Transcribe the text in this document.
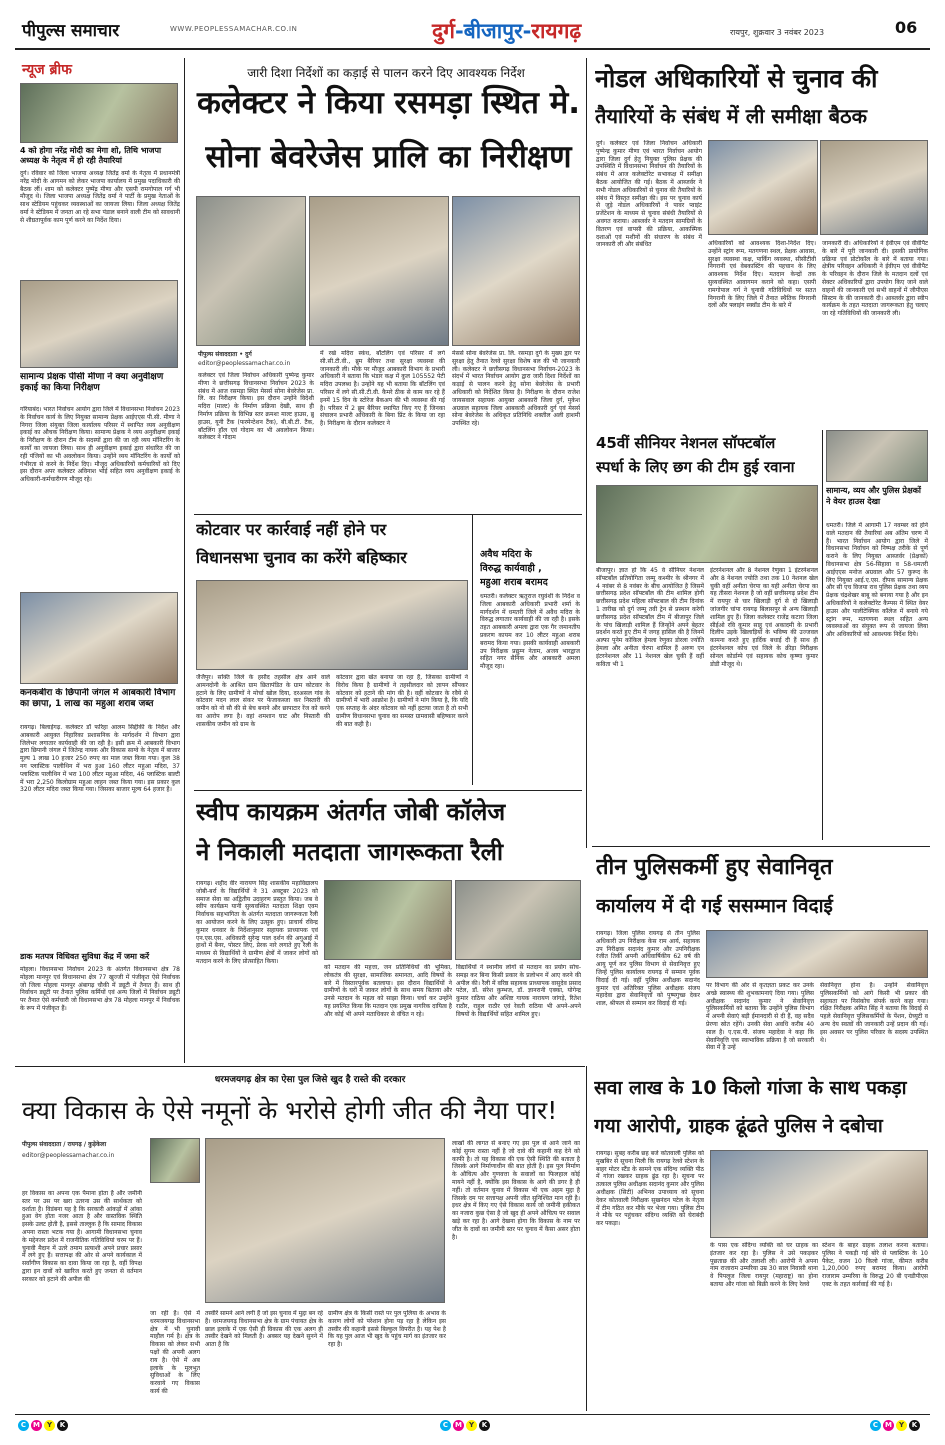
पीपुल्स समाचार	WWW.PEOPLESSAMACHAR.CO.IN	दुर्ग-बीजापुर-रायगढ़	रायपुर, शुक्रवार 3 नवंबर 2023	06
न्यूज ब्रीफ
4 को होगा नरेंद्र मोदी का मेगा शो, तिथि भाजपा अध्यक्ष के नेतृत्व में हो रही तैयारियां
दुर्ग। रविवार को जिला भाजपा अध्यक्ष जितेंद्र वर्मा के नेतृत्व में प्रधानमंत्री नरेंद्र मोदी के आगमन को लेकर भाजपा कार्यालय में प्रमुख पदाधिकारी की बैठक लीं। शाम को कलेक्टर पुष्पेंद्र मीणा और एसपी रामगोपाल गर्ग भी मौजूद थे। जिला भाजपा अध्यक्ष जितेंद्र वर्मा ने पार्टी के प्रमुख नेताओं के साथ स्टेडियम पहुंचकर व्यवस्थाओं का जायजा लिया। जिला अध्यक्ष जितेंद्र वर्मा ने स्टेडियम में जनता आ रहे सभा पंडाल बनाने वाली टीम को सावधानी से शीघ्रतापूर्वक काम पूर्ण करने का निर्देश दिया।
सामान्य प्रेक्षक पीसी मीणा ने क्या अनुवीक्षण इकाई का किया निरीक्षण
गरियाबंद। भारत निर्वाचन आयोग द्वारा जिले में विधानसभा निर्वाचन 2023 के निर्वाचन कार्य के लिए नियुक्त सामान्य प्रेक्षक आईएएस पी.सी. मीणा ने निगरा जिला संयुक्त जिला कार्यालय परिसर में स्थापित व्यय अनुवीक्षण इकाई का औचक निरीक्षण किया। सामान्य प्रेक्षक ने व्यय अनुवीक्षण इकाई के निरीक्षण के दौरान टीम के सदस्यों द्वारा की जा रही व्यय मॉनिटरिंग के कार्यों का जायजा लिया। साथ ही अनुवीक्षण इकाई द्वारा संधारित की जा रही पंजियों का भी अवलोकन किया। उन्होंने व्यय मॉनिटरिंग के कार्यों को गंभीरता से करने के निर्देश दिए। मौजूद अधिकारियों कर्मचारियों को दिए इस दौरान अपर कलेक्टर अविनाश भोई सहित व्यय अनुवीक्षण इकाई के अधिकारी-कर्मचारीगण मौजूद रहे।
कनकबीरा के छिपानी जंगल में आबकारी विभाग का छापा, 1 लाख का महुआ शराब जब्त
रायगढ़। बिलाईगढ़. कलेक्टर डॉ फरिहा आलम सिद्दीकी के निर्देश और आबकारी आयुक्त निहारिका प्रशासनिक के मार्गदर्शन में विभाग द्वारा जिलेभर लगातार कार्यवाही की जा रही है। इसी क्रम में आबकारी विभाग द्वारा छिपानी जंगल में जितेन्द्र नायक और विकास साग्वे के नेतृत्व में बाजार मूल्य 1 लाख 10 हजार 250 रुपए का माल जब्त किया गया। कुल 38 नग प्लास्टिक पालीथिन में भरा हुआ 160 लीटर महुआ मदिरा, 37 प्लास्टिक पालीथिन में भरा 100 लीटर महुआ मदिरा, 46 प्लास्टिक बाल्टी में भरा 2,250 किलोग्राम महुआ लाहन जब्त किया गया। इस प्रकार कुल 320 लीटर मदिरा जब्त किया गया। जिसका बाजार मूल्य 64 हजार है।
डाक मतपत्र विधिवत सुविधा केंद्र में जमा करें
मोहला। विधानसभा निर्वाचन 2023 के अंतर्गत विधानसभा क्षेत्र 78 मोहला मानपुर एवं विधानसभा क्षेत्र 77 खुज्जी में पंजीकृत ऐसे निर्वाचक जो जिला मोहला मानपुर अंबागढ़ चौकी में ड्यूटी में तैनात हैं। साथ ही निर्वाचन ड्यूटी पर तैनात पुलिस कर्मियों एवं अन्य जिलों में निर्वाचन ड्यूटी पर तैनात ऐसे कर्मचारी जो विधानसभा क्षेत्र 78 मोहला मानपुर में निर्वाचक के रूप में पंजीकृत हैं।
जारी दिशा निर्देशों का कड़ाई से पालन करने दिए आवश्यक निर्देश
कलेक्टर ने किया रसमड़ा स्थित मे.
सोना बेवरेजेस प्रालि का निरीक्षण
पीपुल्स संवाददाता • दुर्ग
editor@peoplessamachar.co.in
कलेक्टर एवं जिला निर्वाचन अधिकारी पुष्पेन्द्र कुमार मीणा ने छत्तीसगढ़ विधानसभा निर्वाचन 2023 के संबंध में आज रसमड़ा स्थित मेसर्स सोना बेवरेजेस प्रा. लि. का निरीक्षण किया। इस दौरान उन्होंने विदेशी मदिरा (माल्ट) के निर्माण प्रक्रिया देखी, साथ ही निर्माण प्रक्रिया के विभिन्न स्तर क्रमशः माल्ट हाउस, ब्रु हाउस, यूनी टैंक (फरमेन्टेशन टैंक), बी.बी.टी. टैंक, बॉटलिंग हॉल एवं गोदाम का भी अवलोकन किया। कलेक्टर ने गोदाम
में रखे मदिरा स्कंध, बॉटलिंग एवं परिसर में लगे सी.सी.टी.वी., ब्रुम बैरियर तथा सुरक्षा व्यवस्था की जानकारी ली। मौके पर मौजूद आबकारी विभाग के प्रभारी अधिकारी ने बताया कि भंडार कक्ष में कुल 105552 पेटी मदिरा उपलब्ध है। उन्होंने यह भी बताया कि बॉटलिंग एवं परिसर में लगे सी.सी.टी.वी. कैमरे ठीक से काम कर रहे हैं इनमें 15 दिन के स्टोरेज बैकअप की भी व्यवस्था की गई है। परिसर में 2 ब्रुम बैरियर स्थापित किए गए हैं जिनका संचालन प्रभारी अधिकारी के बिना प्रिंट के किया जा रहा है। निरीक्षण के दौरान कलेक्टर ने
मेसर्स सोना बेवरेजेस प्रा. लि. रसमड़ा दुर्ग के मुख्य द्वार पर सुरक्षा हेतु तैनात रेलवे सुरक्षा विशेष बल की भी जानकारी ली। कलेक्टर ने छत्तीसगढ़ विधानसभा निर्वाचन-2023 के संदर्भ में भारत निर्वाचन आयोग द्वारा जारी दिशा निर्देशों का कड़ाई से पालन करने हेतु सोना बेवरेजेस के प्रभारी अधिकारी को निर्देशित किया है। निरीक्षण के दौरान राजेश जायसवाल सहायक आयुक्त आबकारी जिला दुर्ग, मुकेश अग्रवाल सहायक जिला आबकारी अधिकारी दुर्ग एवं मेसर्स सोना बेवरेजेस के अधिकृत प्रतिनिधि शक्तील अली हाशमी उपस्थित रहे।
नोडल अधिकारियों से चुनाव की
तैयारियों के संबंध में ली समीक्षा बैठक
दुर्ग। कलेक्टर एवं जिला निर्वाचन अधिकारी पुष्पेन्द्र कुमार मीणा एवं भारत निर्वाचन आयोग द्वारा जिला दुर्ग हेतु नियुक्त पुलिस प्रेक्षक की उपस्थिति में विधानसभा निर्वाचन की तैयारियों के संबंध में आज कलेक्टोरेट सभाकक्ष में समीक्षा बैठक आयोजित की गई। बैठक में आब्जर्वर ने सभी नोडल अधिकारियों से चुनाव की तैयारियों के संबंध में विस्तृत समीक्षा की। इस पर चुनाव कार्य से जुड़े नोडल अधिकारियों ने पावर प्वाइंट प्रजेंटेशन के माध्यम से चुनाव संबंधी तैयारियों से अवगत कराया। आब्जर्वर ने मतदान सामग्रियों के वितरण एवं वापसी की प्रक्रिया, आकस्मिक दशाओं एवं मशीनों की संधारण के संबंध में जानकारी ली और संबंधित	अधिकारियों को आवश्यक दिशा-निर्देश दिए। उन्होंने स्ट्रांग रूम, मतगणना स्थल, प्रेक्षक आवास, सुरक्षा व्यवस्था कक्ष, पार्किंग व्यवस्था, सीसीटीवी निगरानी एवं वेबकास्टिंग की पहचान के लिए आवश्यक निर्देश दिए। मतदान केन्द्रों तक सुव्यवस्थित आवागमन कराने को कहा। एसपी रामगोपाल गर्ग ने चुनावी गतिविधियों पर सतत निगरानी के लिए जिले में तैनात स्थैतिक निगरानी दलों और फ्लाइंग स्क्वॉड टीम के बारे में
जानकारी दी। अधिकारियों ने ईवीएम एवं वीवीपैट के बारे में पूरी जानकारी दी। इसकी प्रायोगिक प्रक्रिया एवं प्रोटोकॉल के बारे में बताया गया। क्षेत्रीय परिवहन अधिकारी ने ईवीएम एवं वीवीपैट के परिवहन के दौरान जिले के मतदान दलों एवं सेक्टर अधिकारियों द्वारा उपयोग किए जाने वाले वाहनों की जानकारी एवं सभी वाहनों में जीपीएस सिस्टम के की जानकारी दी। आब्जर्वर द्वारा स्वीप कार्यक्रम के तहत मतदाता जागरूकता हेतु चलाए जा रहे गतिविधियों की जानकारी ली।
45वीं सीनियर नेशनल सॉफ्टबॉल
स्पर्धा के लिए छग की टीम हुई रवाना
बीजापुर। ज्ञात हो कि 45 वे सीनियर नेशनल सॉफ्टबॉल प्रतियोगिता जम्मू कश्मीर के श्रीनगर में 4 नवंबर से 8 नवंबर के बीच आयोजित है जिसमें छत्तीसगढ़ प्रदेश सॉफ्टबॉल की टीम शामिल होगी छत्तीसगढ़ प्रदेश महिला सॉफ्टबाल की टीम दिनांक 1 तारीख को दुर्ग जम्मू तवी ट्रेन से प्रस्थान करेगी छत्तीसगढ़ प्रदेश सॉफ्टबॉल टीम में बीजापुर जिले के पांच खिलाड़ी शामिल हैं जिन्होंने अपने बेहतर प्रदर्शन करते हुए टीम में जगह हासिल की है जिनमें अल्फा पुनेम कोकिल हेमला रेणुका डोरला ज्योति हेमला और अनीता चेरपा शामिल हैं अरुण एन इंटरनेशनल और 11 नेशनल खेल चुकी हैं वहीं कविता भी 1
इंटरनेशनल और 8 नेशनल रेणुका 1 इंटरनेशनल और 8 नेशनल ज्योति तथा तक 10 नेशनल खेल चुकी वहीं अनीता चेरपा का यही अनीता चेरपा का यह तीसरा नेशनल है जो वहीं छत्तीसगढ़ प्रदेश टीम में रायपुर से चार खिलाड़ी दुर्ग से दो खिलाड़ी जांजगीर चांपा रायगढ़ बिलासपुर से अन्य खिलाड़ी शामिल हुए हैं। जिला कलेक्टर राजेंद्र कटारा जिला सीईओ रवि कुमार साहू एवं अकादमी के प्रभारी दिलीप उइके खिलाड़ियों के भविष्य की उज्जवल कामना करते हुए हार्दिक बधाई दी हैं साथ ही इंटरनेशनल कोच एवं जिले के क्रीड़ा निरीक्षक सोनल कोर्डाम्पे एवं सहायक कोच कृष्णा कुमार डोडी मौजूद थे।
सामान्य, व्यय और पुलिस प्रेक्षकों ने वेयर हाउस देखा
धमतरी। जिले में आगामी 17 नवम्बर को होने वाले मतदान की तैयारियां अब अंतिम चरण में हैं। भारत निर्वाचन आयोग द्वारा जिले में विधानसभा निर्वाचन को निष्पक्ष तरीके से पूर्ण कराने के लिए नियुक्त आब्जर्वर (प्रेक्षकों) विधानसभा क्षेत्र 56-सिहावा व 58-धमतरी आईएएस मनोज अग्रवाल और 57 कुरूद के लिए नियुक्त आई.ए.एस. दीपक सामान्य प्रेक्षक और सी एच विजया राव पुलिस प्रेक्षक तथा व्यय प्रेक्षक चंद्रशेखर बाबू को बनाया गया है और इन अधिकारियों ने कलेक्टोरेट कैम्पस में स्थित वेयर हाउस और पालीटेक्निक कॉलेज में बनाये गये स्ट्रांग रूम, मतगणना स्थल सहित अन्य व्यवस्थाओं का संयुक्त रूप से जायजा लिया और अधिकारियों को आवश्यक निर्देश दिये।
कोटवार पर कार्रवाई नहीं होने पर
विधानसभा चुनाव का करेंगे बहिष्कार
जैजैपुर। सक्ति जिले के हसौद तहसील क्षेत्र आने वाले आमनदोनी के आश्रित ग्राम छितापंडित के ग्राम कोटवार के हटाने के लिए ग्रामीणों ने मोर्चा खोल दिया, दरअसल गांव के कोटवार मदन लाल संकर पर फेंजाकब्जा कर निस्तारी की जमीन को नो सौ की से बेच बनाने और छापाटार रेंज को करने का आरोप लगा है। वहां शमशान घाट और निस्तारी की शासकीय जमीन को ग्राम के
कोटवार द्वारा खेत बनाया जा रहा है, जिसका ग्रामीणों ने विरोध किया है ग्रामीणों ने तहसीलदार को ज्ञापन सौंपकर कोटवार को हटाने की मांग की है। वहीं कोटवार के रवैये से ग्रामीणों में भारी आक्रोश है। ग्रामीणों ने मांग किया है, कि यदि एक सप्ताह के अंदर कोटवार को नहीं हटाया जाता है तो सभी ग्रामीण विधानसभा चुनाव का समस्त ग्रामवासी बहिष्कार करने की बात कही है।
अवैध मदिरा के
विरुद्ध कार्यवाही ,
महुआ शराब बरामद
धमतरी। कलेक्टर ऋतुराज रघुवंशी के निर्देश व जिला आबकारी अधिकारी प्रभारी शर्मा के मार्गदर्शन में धमतरी जिले में अवैध मदिरा के विरुद्ध लगातार कार्यवाही की जा रही है। इसके तहत आबकारी अमला द्वारा एक गैर जमानतीय प्रकरण कायम कर 10 लीटर महुआ शराब बरामद किया गया। इसकी कार्यवाही आबकारी उप निरीक्षक प्रद्युम्न नेताम, अजय भारद्वाज सहित नगर सैनिक और आबकारी अमला मौजूद रहा।
स्वीप कायक्रम अंतर्गत जोबी कॉलेज
ने निकाली मतदाता जागरूकता रैली
रायगढ़। शहीद वीर नारायण सिंह शासकीय महाविद्यालय जोबी-बर्रा के विद्यार्थियों ने 31 अक्टूबर 2023 को समाज सेवा का अद्वितीय उदाहरण प्रस्तुत किया। जब वे स्वीप कार्यक्रम यानी सुव्यवस्थित मतदाता शिक्षा एवम निर्वाचक सहभागिता के अंतर्गत मतदाता जागरूकता रैली का आयोजन करने के लिए उत्सुक हुए। प्राचार्य रविन्द्र कुमार धनवार के निर्देशानुसार सहायक प्राध्यापक एवं एन.एस.एस. अधिकारी सुरेन्द्र पाल दर्शन की अगुआई में हाथों में बैनर, पोस्टर लिए, प्रेरक नारे लगाते हुए रैली के माध्यम से विद्यार्थियों ने ग्रामीण क्षेत्रों में जाकर लोगों को मतदान करने के लिए प्रोत्साहित किया।
को मतदान की महत्ता, जन प्रतिनिधियों की भूमिका, लोकतंत्र की सुरक्षा, सामाजिक समानता, आदि विषयों के बारे में विस्तारपूर्वक बतलाया। इस दौरान विद्यार्थियों ने ग्रामीणों के घरों में जाकर लोगों के साथ समय बिताया और उनसे मतदान के महत्व को साझा किया। चर्चा कर उन्होंने यह प्रयत्नित किया कि मतदान एक प्रमुख नागरिक दायित्व है और कोई भी अपने मताधिकार से वंचित न रहे।
विद्यार्थियों ने स्थानीय लोगों से मतदान का प्रयोग सोच-समझ कर बिना किसी प्रकार के प्रलोभन में आए करने की अपील की। रैली में वरिष्ठ सहायक प्राध्यापक वासुदेव प्रसाद पटेल, डॉ. संरेश कुम्भज, डॉ. ज्ञानरानी एक्का, योगेन्द्र कुमार राठिया और अशिष्ट गायक नारायण जांगड़े, रितेश राठौर, राहुल राठौर एवं रेवती राठिया भी अपने-अपने विषयों के विद्यार्थियों सहित शामिल हुए।
तीन पुलिसकर्मी हुए सेवानिवृत
कार्यालय में दी गई ससम्मान विदाई
रायगढ़। जिला पुलिस रायगढ़ से तीन पुलिस अधिकारी उप निरीक्षक केस राम आर्य, सहायक उप निरीक्षक सदानंद कुमार और उपनिरीक्षक रंजीत तिर्की अपनी अधिवार्षिकीय 62 वर्ष की आयु पूर्ण कर पुलिस विभाग से सेवानिवृत्त हुए जिन्हें पुलिस कार्यालय रायगढ़ में सम्मान पूर्वक विदाई दी गई। वहीं पुलिस अधीक्षक सदानंद कुमार एवं अतिरिक्त पुलिस अधीक्षक संजय महादेवा द्वारा सेवानिवृत्तों को पुष्पगुच्छ देकर शाल, श्रीफल से सम्मान कर विदाई दी गई।
पर विभाग की ओर से कृतज्ञता प्रकट कर उनके अच्छे स्वास्थ्य की शुभकामनाएं दिया गया। पुलिस अधीक्षक सदानंद कुमार ने सेवानिवृत्त पुलिसकर्मियों को बताया कि उन्होंने पुलिस विभाग में अपनी सेवाएं बड़ी ईमानदारी से दी हैं, वह सदैव प्रेरणा स्रोत रहेंगे। उनकी सेवा अवधि करीब 40 साल है। ए.एस.पी. संजय महादेवा ने कहा कि सेवानिवृत्ति एक स्वाभाविक प्रक्रिया है जो सरकारी सेवा में है उन्हें
सेवानिवृत्त होना है। उन्होंने सेवानिवृत्त पुलिसकर्मियों को आगे किसी भी प्रकार की सहायता पर निसंकोच संपर्क करने कहा गया। रक्षित निरीक्षक अमित सिंह ने बताया कि विदाई से पहले सेवानिवृत्त पुलिसकर्मियों के पेंशन, ग्रेच्युटी व अन्य देय स्वत्वों की जानकारी उन्हें प्रदान की गई। इस अवसर पर पुलिस परिवार के सदस्य उपस्थित थे।
धरमजयगढ़ क्षेत्र का ऐसा पुल जिसे खुद है रास्ते की दरकार
क्या विकास के ऐसे नमूनों के भरोसे होगी जीत की नैया पार!
पीपुल्स संवाददाता / रायगढ़ / कुड़ेकेला
editor@peoplessamachar.co.in
हर विकास का अपना एक पैमाना होता है और जमीनी स्तर पर उस पर खरा उतरना उस की सार्थकता को दर्शाता है। विडंबना यह है कि सरकारी आंकड़ों में आंका हुआ वेग होता नजर आता है और वास्तविक स्थिति इसके उलट होती है, इससे ताल्लुक है कि सामाद विकास अपना रास्ता भटक गया है। आगामी विधानसभा चुनाव के मद्देनजर प्रदेश में राजनीतिक गतिविधियां चरम पर हैं। चुनावी मैदान में उतरे तमाम प्रत्याशी अपने प्रचार प्रसार में लगे हुए हैं। सत्तापक्ष की ओर से अपने कार्यकाल में सर्वांगीण विकास का दावा किया जा रहा है, वहीं विपक्ष द्वारा इन दावों को खारिज करते हुए जनता से वर्तमान सरकार को हटाने की अपील की
जा रही है। ऐसे में धरमजयगढ़ विधानसभा क्षेत्र में भी चुनावी माहौल गर्म है। क्षेत्र के विकास को लेकर सभी पक्षों की अपनी अलग राय है। ऐसे में अब इलाके के मूलभूत सुविधाओं के लिए करवाये गए विकास कार्य की
तस्वीरें सामने आने लगी हैं जो इस चुनाव में मुद्दा बन रहे हैं। धरमजयगढ़ विधानसभा क्षेत्र के ग्राम पंचायत क्षेत्र के छाल इलाके में एक ऐसी ही विकास की एक अलग ही तस्वीर देखने को मिलती है। अक्सर यह देखने सुनने में आता है कि
ग्रामीण क्षेत्र के किसी रास्ते पर पुल पुलिया के अभाव के कारण लोगों को परेशान होना पड़ रहा है लेकिन इस तस्वीर की कहानी इससे बिल्कुल विपरीत है। यह पेश है कि यह पुल आज भी खुद के पहुंच मार्ग का इंतजार कर रहा है।
लाखों की लागत से बनाए गए इस पुल से आने जाने का कोई सुगम रास्ता नहीं है जो दावे की कहानी कह देने को काफी है। तो यह विकास की एक ऐसी स्थिति की बताता है जिसके आगे निर्माणाधीन की बात होती है। इस पुल निर्माण के औचित्य और गुणवत्ता के सवालों का फिलहाल कोई मायने नहीं है, क्योंकि इस विकास के आगे की डगर है ही नहीं। तो वर्तमान चुनाव में विकास भी एक अहम मुद्दा है जिसके दम पर सत्तापक्ष अपनी जीत सुनिश्चित मान रही है। इधर क्षेत्र में किए गए ऐसे विकास कार्य जो जमीनी हकीकत का नजारा कुछ ऐसा है जो खुद ही अपने औचित्य पर सवाल खड़े कर रहा है। आगे देखना होगा कि विकास के नाम पर जीत के दावों का जमीनी स्तर पर चुनाव में कैसा असर होता है।
सवा लाख के 10 किलो गांजा के साथ पकड़ा
गया आरोपी, ग्राहक ढूंढते पुलिस ने दबोचा
रायगढ़। सुबह करीब छह बजे कोतवाली पुलिस को मुखबिर से सूचना मिली कि रायगढ़ रेलवे स्टेशन के बाहर मोटर स्टैंड के सामने एक संदिग्ध व्यक्ति पीठ में गांजा रखकर ग्राहक ढूंढ रहा है। सूचना पर तत्काल पुलिस अधीक्षक सदानंद कुमार और पुलिस अधीक्षक (सिटी) अभिनव उपाध्याय को सूचना देकर कोतवाली निरीक्षक सुखनंदन पटेल के नेतृत्व में टीम गठित कर मौके पर भेजा गया। पुलिस टीम ने मौके पर पहुंचकर संदिग्ध व्यक्ति को घेराबंदी कर पकड़ा।
के पास एक संदिग्ध व्यक्ति को घर ग्राहक का इंतजार कर रहा है। पुलिस ने उसे पकड़कर पूछताछ की और तलाशी ली। आरोपी ने अपना नाम राजाराम उम्मरिया उम्र 30 साल निवासी थाना वे पिपलूज जिला रायपुर (महाराष्ट्र) का होना बताया और गांजा को बिक्री करने के लिए रेलवे
स्टेशन के बाहर ग्राहक तलाश करना बताया। पुलिस ने पकड़ी गई बोरे से प्लास्टिक के 10 पैकेट, वजन 10 किलो गांजा, कीमत करीब 1,20,000 रुपए बरामद किया। आरोपी राजाराम उम्मरिया के विरुद्ध 20 बी एनडीपीएस एक्ट के तहत कार्रवाई की गई है।
C M Y	K	C M Y	K	C M Y	K
